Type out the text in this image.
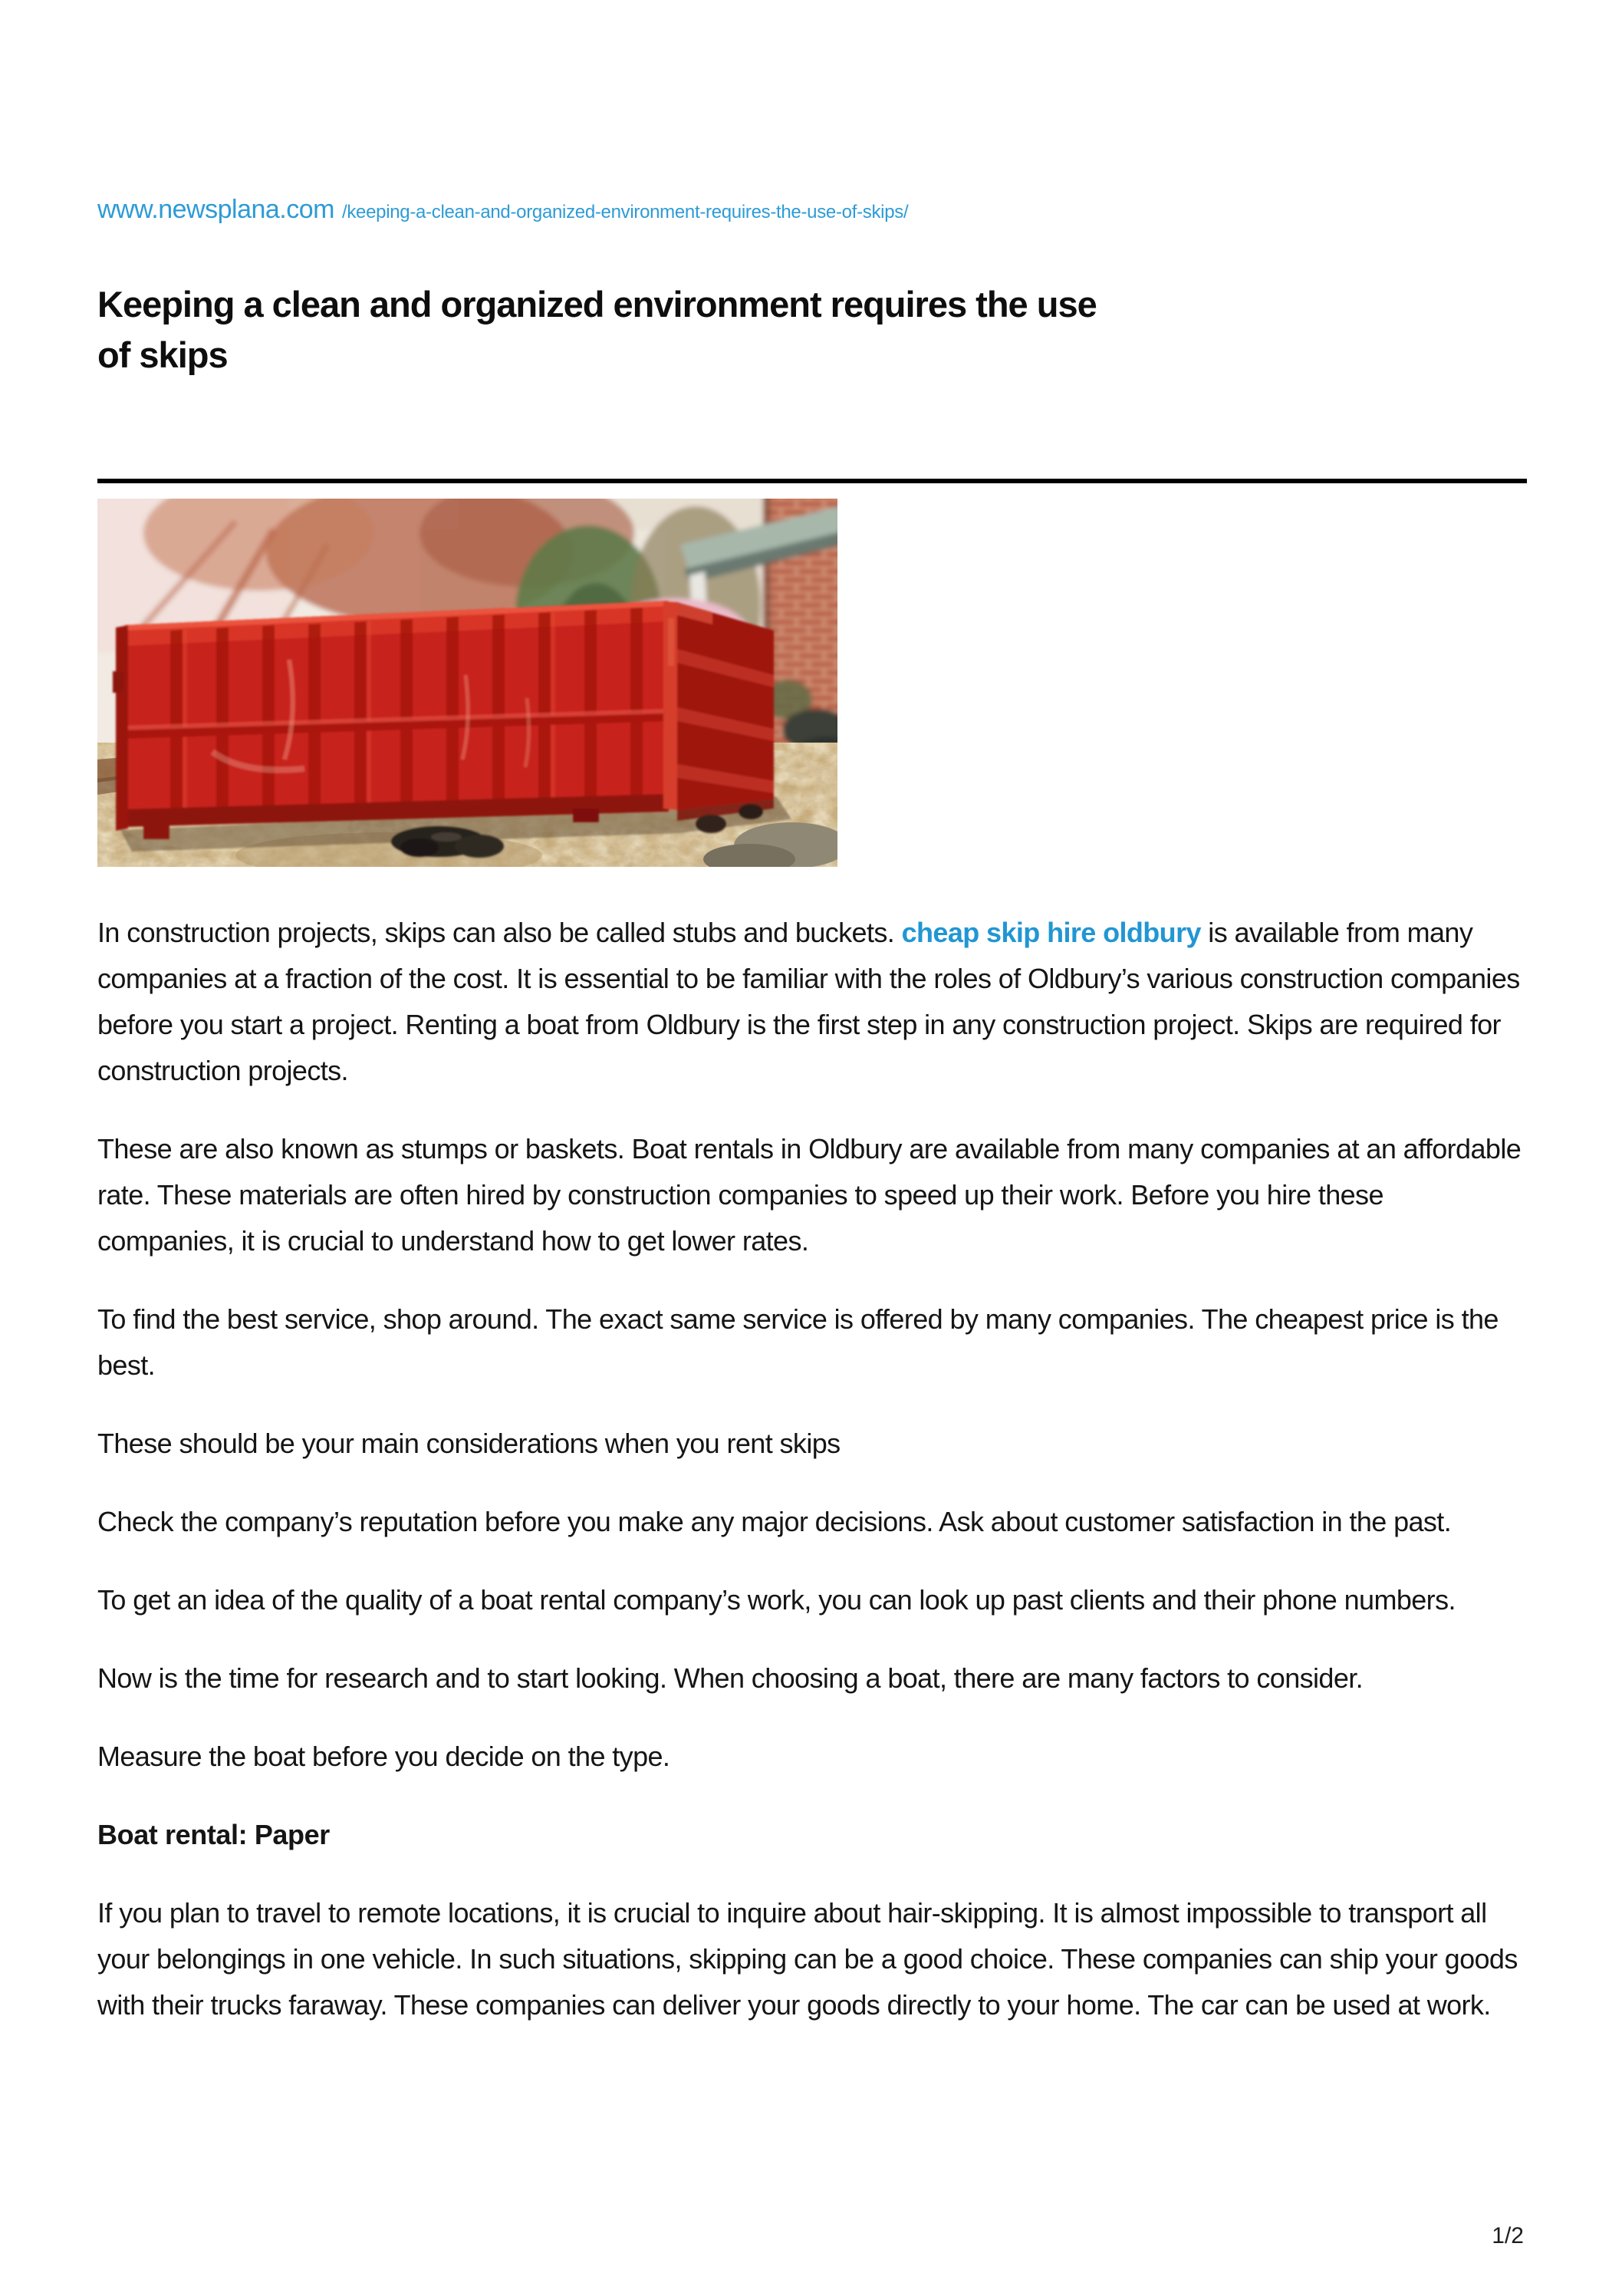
www.newsplana.com /keeping-a-clean-and-organized-environment-requires-the-use-of-skips/
Keeping a clean and organized environment requires the use
of skips

In construction projects, skips can also be called stubs and buckets. cheap skip hire oldbury is available from many companies at a fraction of the cost. It is essential to be familiar with the roles of Oldbury’s various construction companies before you start a project. Renting a boat from Oldbury is the first step in any construction project. Skips are required for construction projects.

These are also known as stumps or baskets. Boat rentals in Oldbury are available from many companies at an affordable rate. These materials are often hired by construction companies to speed up their work. Before you hire these companies, it is crucial to understand how to get lower rates.

To find the best service, shop around. The exact same service is offered by many companies. The cheapest price is the best.

These should be your main considerations when you rent skips

Check the company’s reputation before you make any major decisions. Ask about customer satisfaction in the past.

To get an idea of the quality of a boat rental company’s work, you can look up past clients and their phone numbers.

Now is the time for research and to start looking. When choosing a boat, there are many factors to consider.

Measure the boat before you decide on the type.

Boat rental: Paper

If you plan to travel to remote locations, it is crucial to inquire about hair-skipping. It is almost impossible to transport all your belongings in one vehicle. In such situations, skipping can be a good choice. These companies can ship your goods with their trucks faraway. These companies can deliver your goods directly to your home. The car can be used at work.

1/2
